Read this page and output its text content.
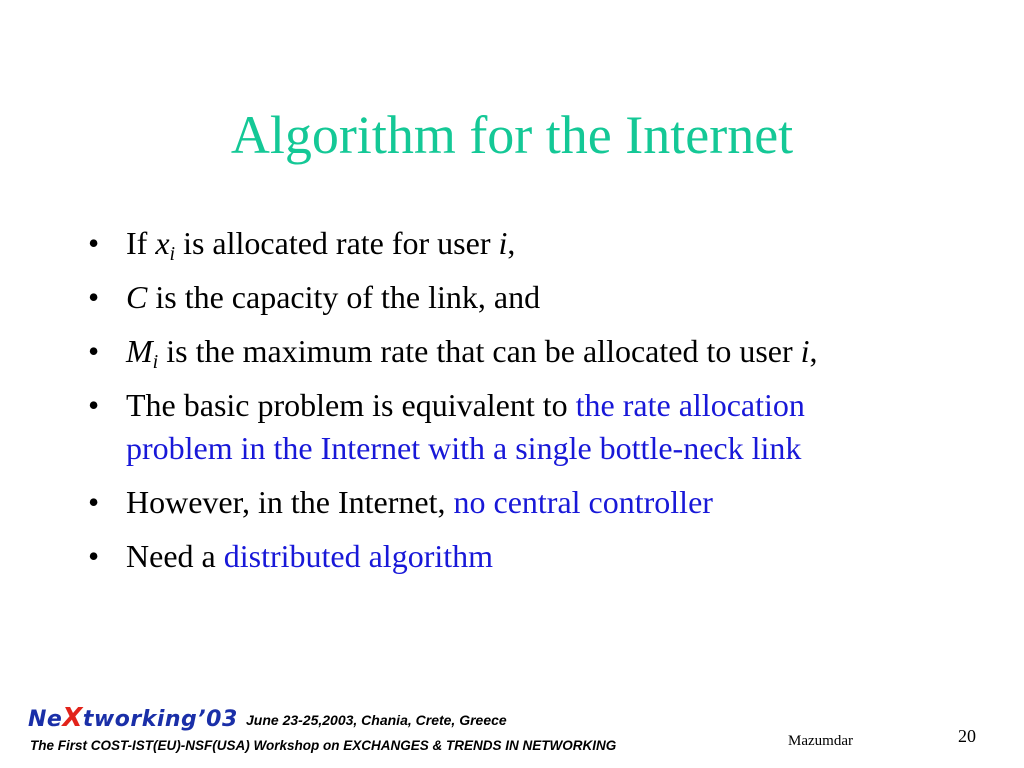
Algorithm for the Internet
• If $x_i$ is allocated rate for user i,
• C is the capacity of the link, and
• $M_i$ is the maximum rate that can be allocated to user i,
• The basic problem is equivalent to the rate allocation problem in the Internet with a single bottle-neck link
• However, in the Internet, no central controller
• Need a distributed algorithm
NeXtworking’03 June 23-25,2003, Chania, Crete, Greece
The First COST-IST(EU)-NSF(USA) Workshop on EXCHANGES & TRENDS IN NETWORKING	Mazumdar	20
